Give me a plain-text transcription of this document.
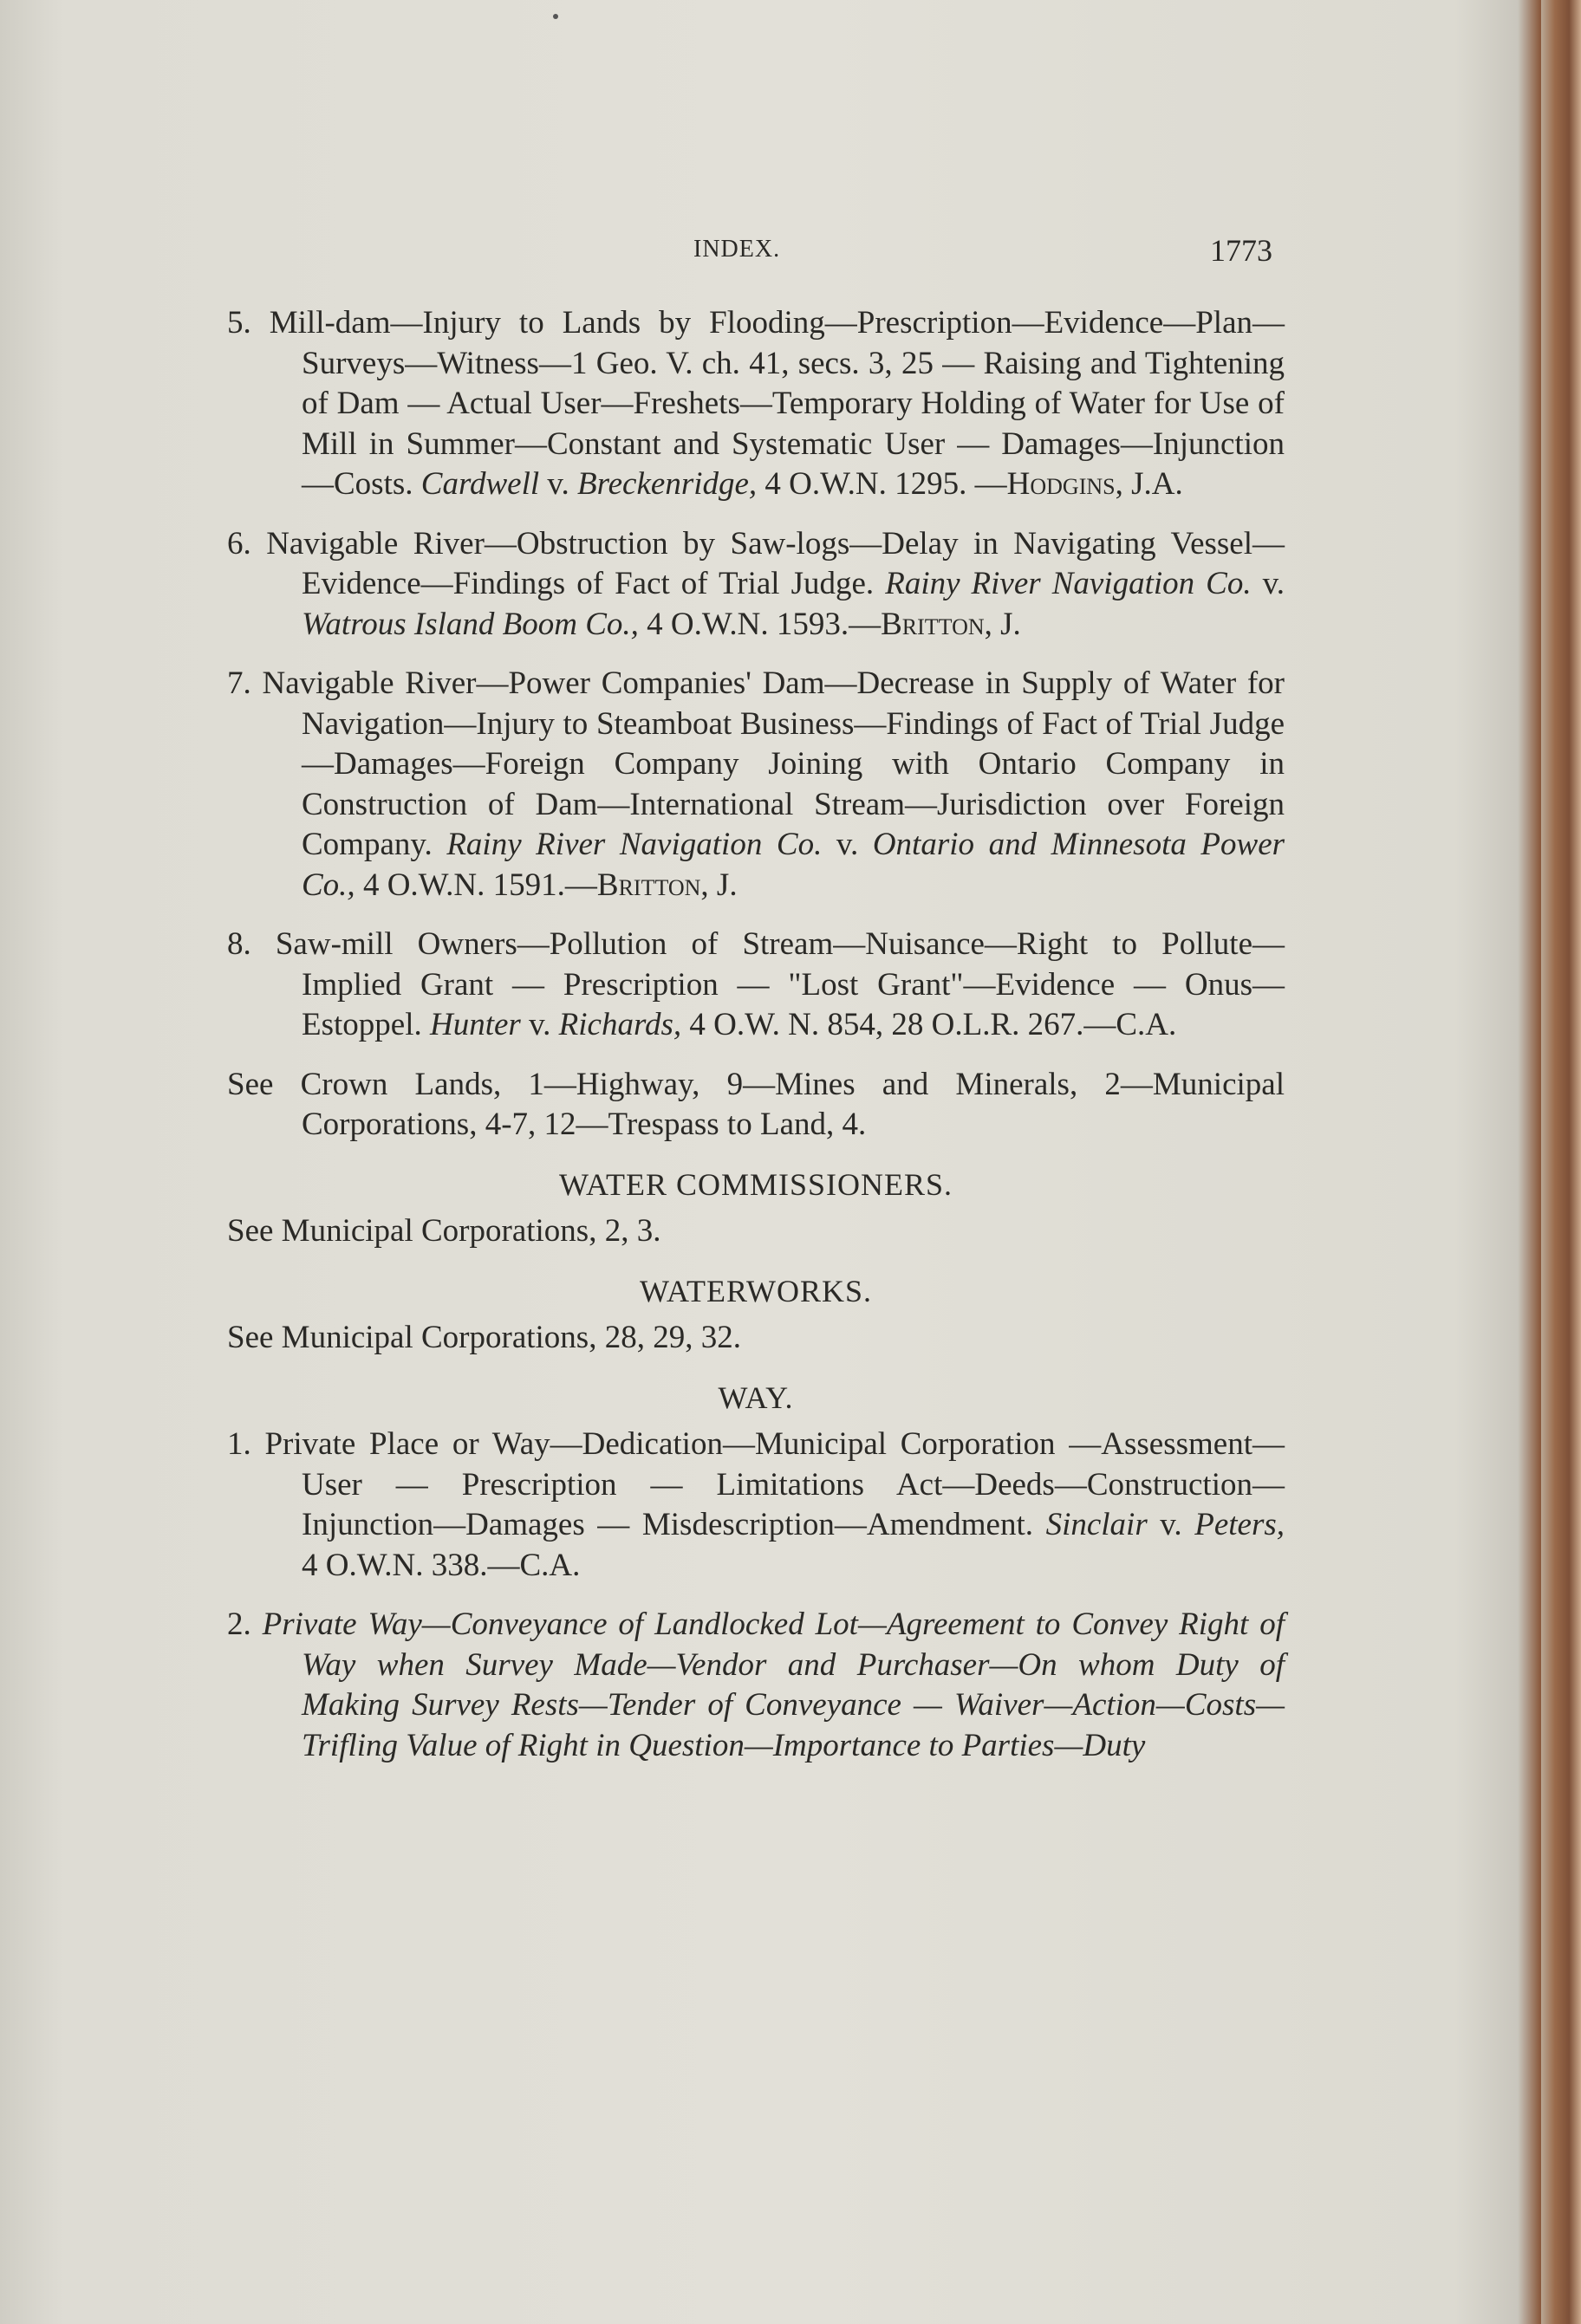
INDEX.	1773

5. Mill-dam—Injury to Lands by Flooding—Prescription—Evidence—Plan—Surveys—Witness—1 Geo. V. ch. 41, secs. 3, 25 — Raising and Tightening of Dam — Actual User—Freshets—Temporary Holding of Water for Use of Mill in Summer—Constant and Systematic User — Damages—Injunction—Costs. Cardwell v. Breckenridge, 4 O.W.N. 1295. —Hodgins, J.A.

6. Navigable River—Obstruction by Saw-logs—Delay in Navigating Vessel—Evidence—Findings of Fact of Trial Judge. Rainy River Navigation Co. v. Watrous Island Boom Co., 4 O.W.N. 1593.—Britton, J.

7. Navigable River—Power Companies' Dam—Decrease in Supply of Water for Navigation—Injury to Steamboat Business—Findings of Fact of Trial Judge—Damages—Foreign Company Joining with Ontario Company in Construction of Dam—International Stream—Jurisdiction over Foreign Company. Rainy River Navigation Co. v. Ontario and Minnesota Power Co., 4 O.W.N. 1591.—Britton, J.

8. Saw-mill Owners—Pollution of Stream—Nuisance—Right to Pollute—Implied Grant — Prescription — "Lost Grant"—Evidence — Onus—Estoppel. Hunter v. Richards, 4 O.W. N. 854, 28 O.L.R. 267.—C.A.

See Crown Lands, 1—Highway, 9—Mines and Minerals, 2—Municipal Corporations, 4-7, 12—Trespass to Land, 4.

WATER COMMISSIONERS.

See Municipal Corporations, 2, 3.

WATERWORKS.

See Municipal Corporations, 28, 29, 32.

WAY.

1. Private Place or Way—Dedication—Municipal Corporation —Assessment—User — Prescription — Limitations Act—Deeds—Construction—Injunction—Damages — Misdescription—Amendment. Sinclair v. Peters, 4 O.W.N. 338.—C.A.

2. Private Way—Conveyance of Landlocked Lot—Agreement to Convey Right of Way when Survey Made—Vendor and Purchaser—On whom Duty of Making Survey Rests—Tender of Conveyance — Waiver—Action—Costs—Trifling Value of Right in Question—Importance to Parties—Duty
